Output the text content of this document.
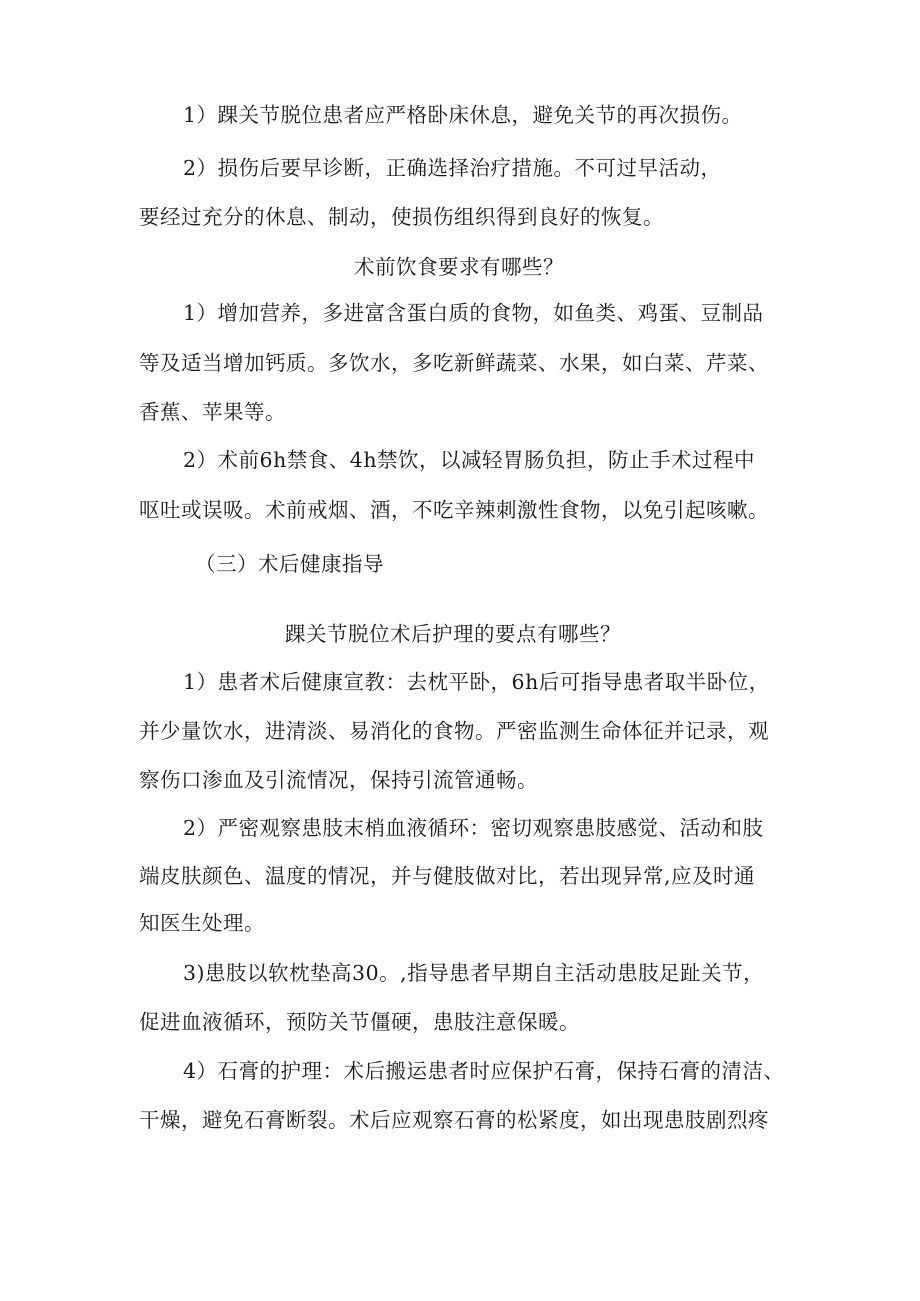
1）踝关节脱位患者应严格卧床休息，避免关节的再次损伤。
2）损伤后要早诊断，正确选择治疗措施。不可过早活动，
要经过充分的休息、制动，使损伤组织得到良好的恢复。
术前饮食要求有哪些？
1）增加营养，多进富含蛋白质的食物，如鱼类、鸡蛋、豆制品
等及适当增加钙质。多饮水，多吃新鲜蔬菜、水果，如白菜、芹菜、
香蕉、苹果等。
2）术前6h禁食、4h禁饮，以减轻胃肠负担，防止手术过程中
呕吐或误吸。术前戒烟、酒，不吃辛辣刺激性食物，以免引起咳嗽。
（三）术后健康指导
踝关节脱位术后护理的要点有哪些？
1）患者术后健康宣教：去枕平卧，6h后可指导患者取半卧位，
并少量饮水，进清淡、易消化的食物。严密监测生命体征并记录，观
察伤口渗血及引流情况，保持引流管通畅。
2）严密观察患肢末梢血液循环：密切观察患肢感觉、活动和肢
端皮肤颜色、温度的情况，并与健肢做对比，若出现异常,应及时通
知医生处理。
3)患肢以软枕垫高30。,指导患者早期自主活动患肢足趾关节，
促进血液循环，预防关节僵硬，患肢注意保暖。
4）石膏的护理：术后搬运患者时应保护石膏，保持石膏的清洁、
干燥，避免石膏断裂。术后应观察石膏的松紧度，如出现患肢剧烈疼
